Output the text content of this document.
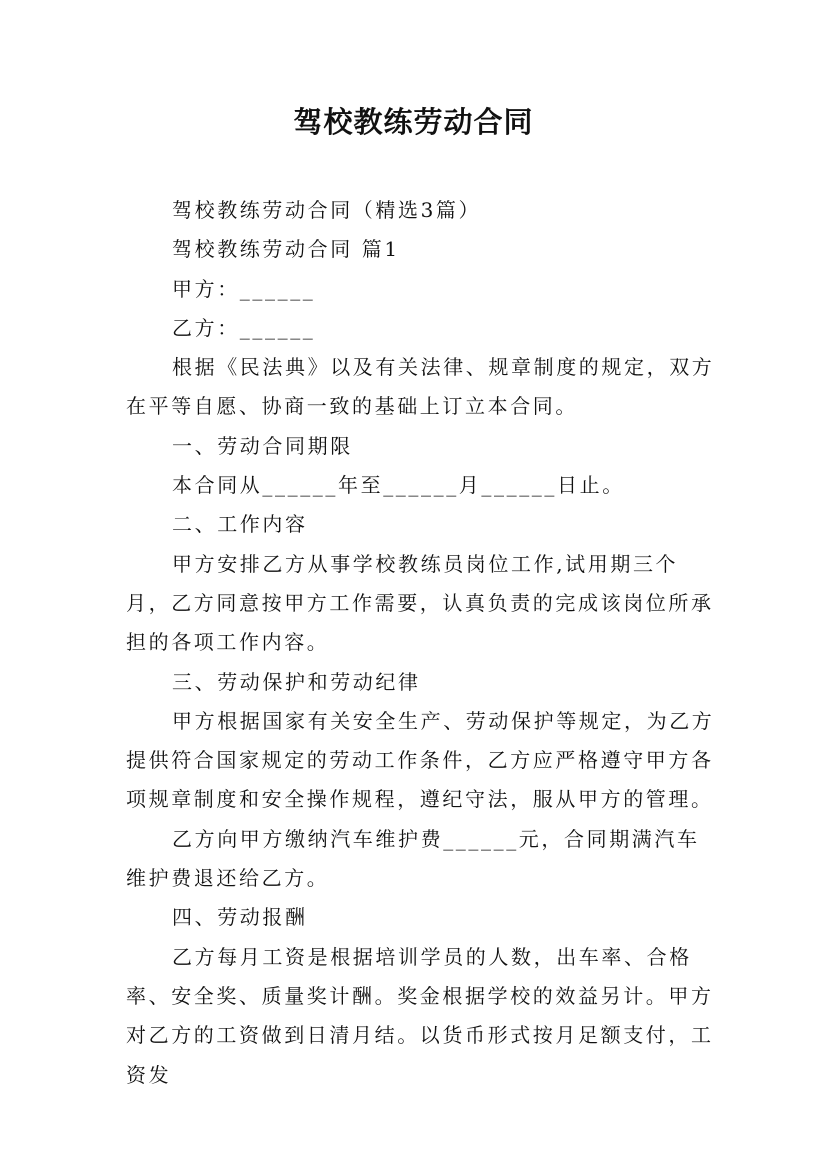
驾校教练劳动合同

驾校教练劳动合同（精选3篇）

驾校教练劳动合同 篇1

甲方：______

乙方：______

根据《民法典》以及有关法律、规章制度的规定，双方在平等自愿、协商一致的基础上订立本合同。

一、劳动合同期限

本合同从______年至______月______日止。

二、工作内容

甲方安排乙方从事学校教练员岗位工作,试用期三个月，乙方同意按甲方工作需要，认真负责的完成该岗位所承担的各项工作内容。

三、劳动保护和劳动纪律

甲方根据国家有关安全生产、劳动保护等规定，为乙方提供符合国家规定的劳动工作条件，乙方应严格遵守甲方各项规章制度和安全操作规程，遵纪守法，服从甲方的管理。

乙方向甲方缴纳汽车维护费______元，合同期满汽车维护费退还给乙方。

四、劳动报酬

乙方每月工资是根据培训学员的人数，出车率、合格率、安全奖、质量奖计酬。奖金根据学校的效益另计。甲方对乙方的工资做到日清月结。以货币形式按月足额支付，工资发
